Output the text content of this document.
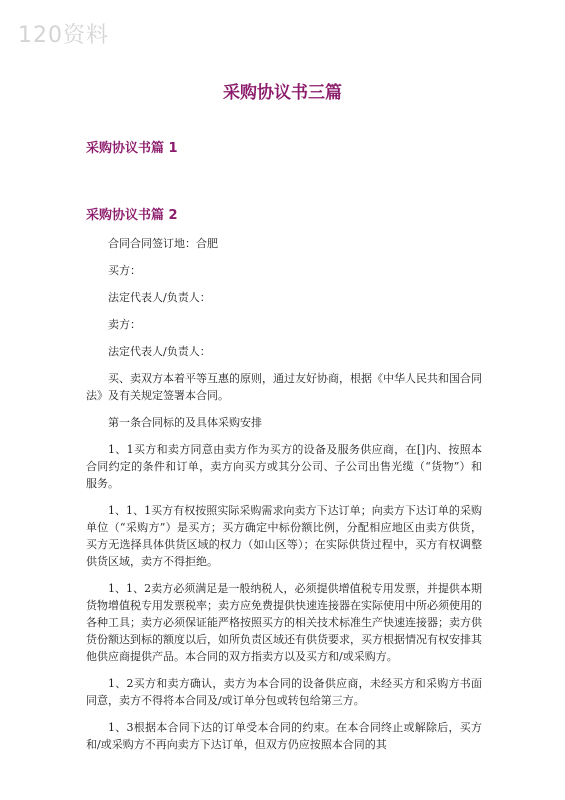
120资料
采购协议书三篇
采购协议书篇 1
采购协议书篇 2

合同合同签订地：合肥

买方：

法定代表人/负责人：

卖方：

法定代表人/负责人：

买、卖双方本着平等互惠的原则，通过友好协商，根据《中华人民共和国合同法》及有关规定签署本合同。

第一条合同标的及具体采购安排

1、1买方和卖方同意由卖方作为买方的设备及服务供应商，在[]内、按照本合同约定的条件和订单，卖方向买方或其分公司、子公司出售光缆（“货物”）和服务。

1、1、1买方有权按照实际采购需求向卖方下达订单；向卖方下达订单的采购单位（“采购方”）是买方；买方确定中标份额比例，分配相应地区由卖方供货，买方无选择具体供货区域的权力（如山区等）；在实际供货过程中，买方有权调整供货区域，卖方不得拒绝。

1、1、2卖方必须满足是一般纳税人，必须提供增值税专用发票，并提供本期货物增值税专用发票税率；卖方应免费提供快速连接器在实际使用中所必须使用的各种工具；卖方必须保证能严格按照买方的相关技术标准生产快速连接器；卖方供货份额达到标的额度以后，如所负责区域还有供货要求，买方根据情况有权安排其他供应商提供产品。本合同的双方指卖方以及买方和/或采购方。

1、2买方和卖方确认，卖方为本合同的设备供应商，未经买方和采购方书面同意，卖方不得将本合同及/或订单分包或转包给第三方。

1、3根据本合同下达的订单受本合同的约束。在本合同终止或解除后，买方和/或采购方不再向卖方下达订单，但双方仍应按照本合同的其
